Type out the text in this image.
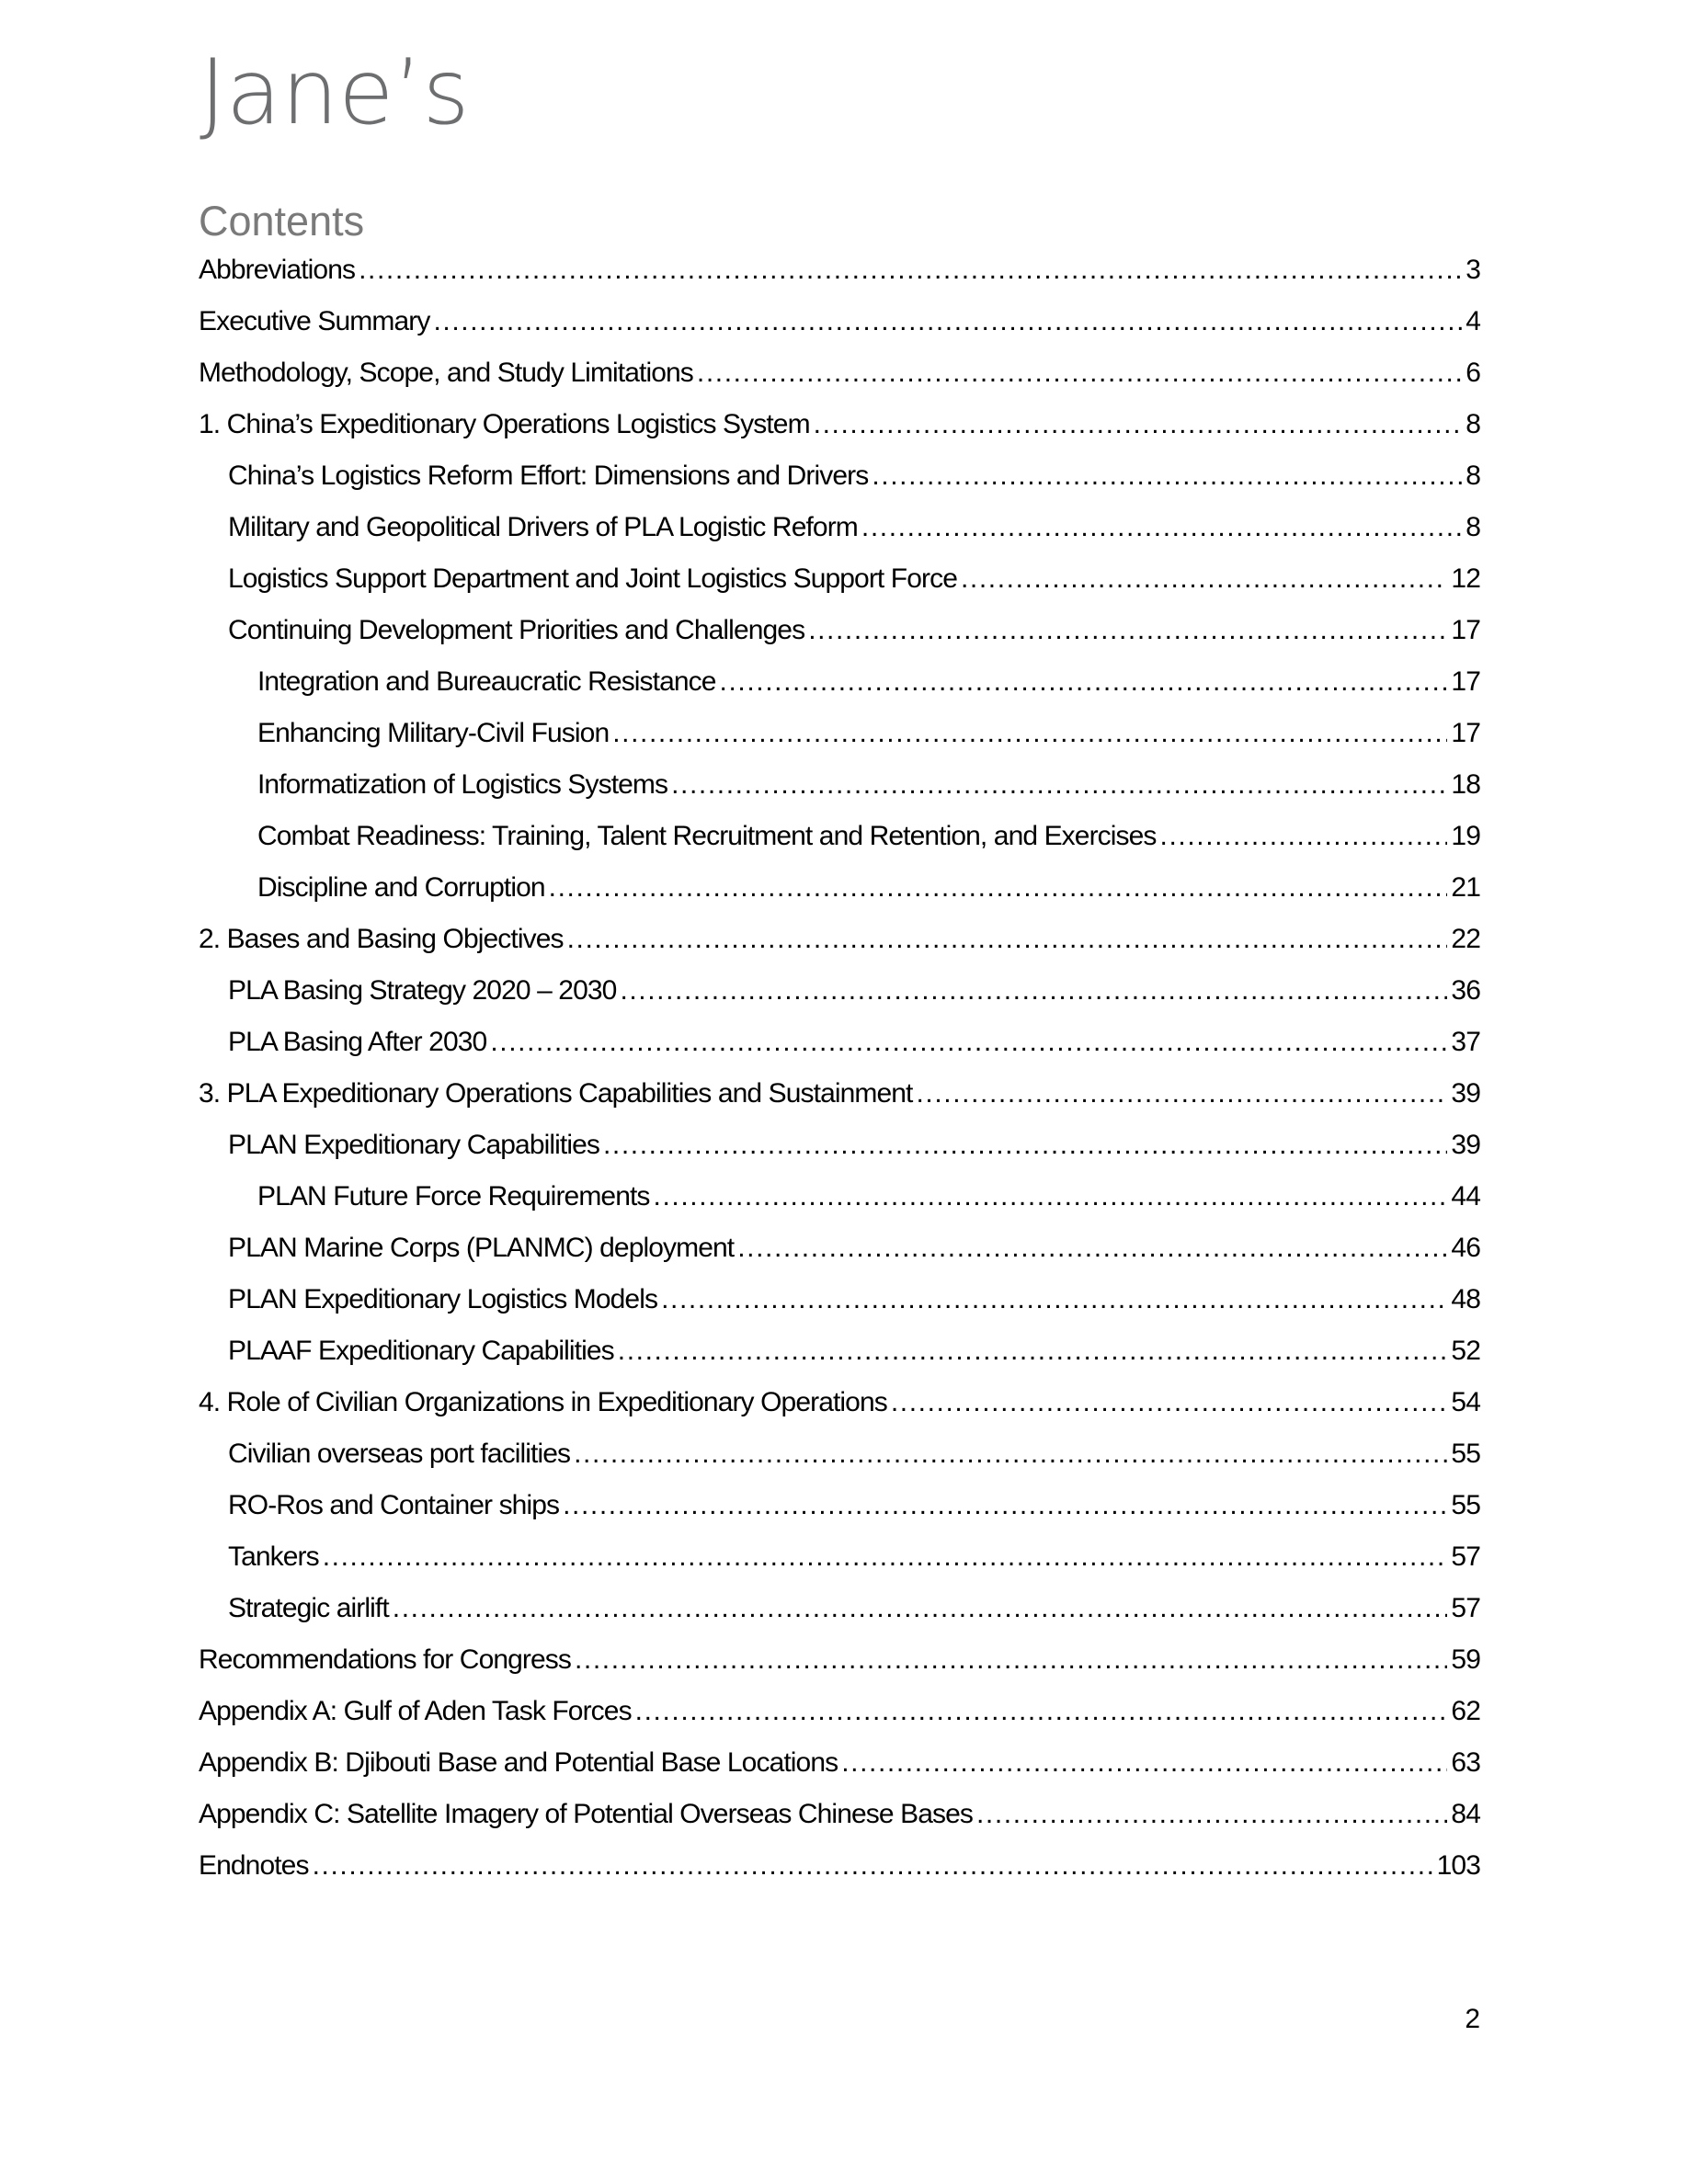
Jane’s
Contents
Abbreviations .....	3
Executive Summary .....	4
Methodology, Scope, and Study Limitations .....	6
1. China’s Expeditionary Operations Logistics System .....	8
China’s Logistics Reform Effort: Dimensions and Drivers .....	8
Military and Geopolitical Drivers of PLA Logistic Reform .....	8
Logistics Support Department and Joint Logistics Support Force .....	12
Continuing Development Priorities and Challenges .....	17
Integration and Bureaucratic Resistance .....	17
Enhancing Military-Civil Fusion .....	17
Informatization of Logistics Systems .....	18
Combat Readiness: Training, Talent Recruitment and Retention, and Exercises .....	19
Discipline and Corruption .....	21
2. Bases and Basing Objectives .....	22
PLA Basing Strategy 2020 – 2030 .....	36
PLA Basing After 2030 .....	37
3. PLA Expeditionary Operations Capabilities and Sustainment .....	39
PLAN Expeditionary Capabilities .....	39
PLAN Future Force Requirements .....	44
PLAN Marine Corps (PLANMC) deployment .....	46
PLAN Expeditionary Logistics Models .....	48
PLAAF Expeditionary Capabilities .....	52
4. Role of Civilian Organizations in Expeditionary Operations .....	54
Civilian overseas port facilities .....	55
RO-Ros and Container ships .....	55
Tankers .....	57
Strategic airlift .....	57
Recommendations for Congress .....	59
Appendix A: Gulf of Aden Task Forces .....	62
Appendix B: Djibouti Base and Potential Base Locations .....	63
Appendix C: Satellite Imagery of Potential Overseas Chinese Bases .....	84
Endnotes .....	103
2
